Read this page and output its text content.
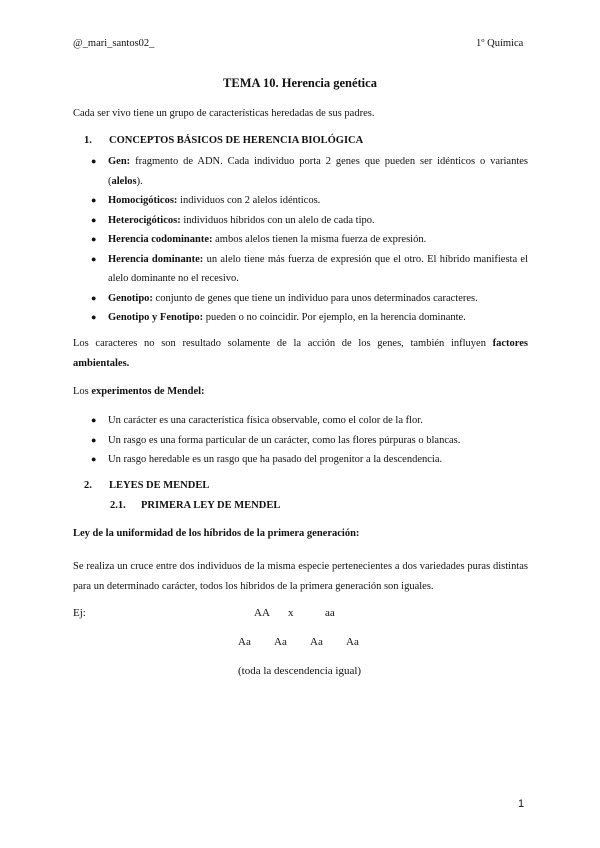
@_mari_santos02_	1º Química
TEMA 10. Herencia genética
Cada ser vivo tiene un grupo de características heredadas de sus padres.
1. CONCEPTOS BÁSICOS DE HERENCIA BIOLÓGICA
● Gen: fragmento de ADN. Cada individuo porta 2 genes que pueden ser idénticos o variantes (alelos).
● Homocigóticos: individuos con 2 alelos idénticos.
● Heterocigóticos: individuos híbridos con un alelo de cada tipo.
● Herencia codominante: ambos alelos tienen la misma fuerza de expresión.
● Herencia dominante: un alelo tiene más fuerza de expresión que el otro. El híbrido manifiesta el alelo dominante no el recesivo.
● Genotipo: conjunto de genes que tiene un individuo para unos determinados caracteres.
● Genotipo y Fenotipo: pueden o no coincidir. Por ejemplo, en la herencia dominante.
Los caracteres no son resultado solamente de la acción de los genes, también influyen factores ambientales.
Los experimentos de Mendel:
● Un carácter es una característica física observable, como el color de la flor.
● Un rasgo es una forma particular de un carácter, como las flores púrpuras o blancas.
● Un rasgo heredable es un rasgo que ha pasado del progenitor a la descendencia.
2. LEYES DE MENDEL
2.1. PRIMERA LEY DE MENDEL
Ley de la uniformidad de los híbridos de la primera generación:
Se realiza un cruce entre dos individuos de la misma especie pertenecientes a dos variedades puras distintas para un determinado carácter, todos los híbridos de la primera generación son iguales.
Ej:	AA x	aa
Aa Aa Aa Aa
(toda la descendencia igual)
1
